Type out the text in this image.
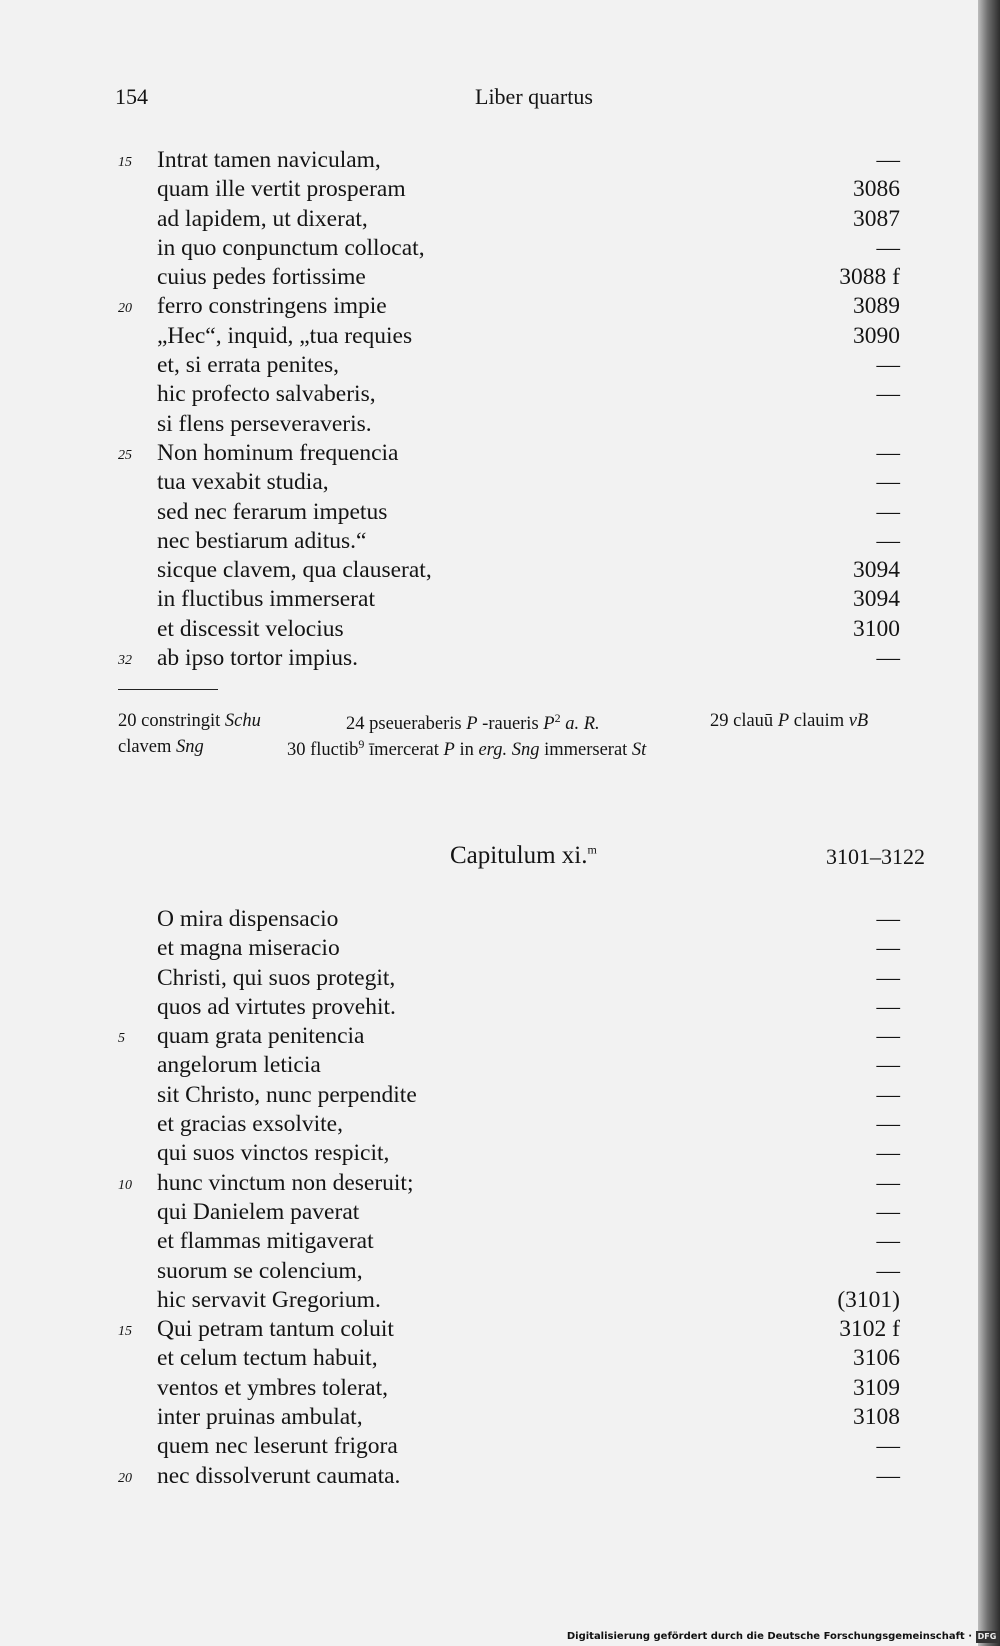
154	Liber quartus
15	Intrat tamen naviculam,	—
quam ille vertit prosperam	3086
ad lapidem, ut dixerat,	3087
in quo conpunctum collocat,	—
cuius pedes fortissime	3088 f
20	ferro constringens impie	3089
„Hec“, inquid, „tua requies	3090
et, si errata penites,	—
hic profecto salvaberis,	—
si flens perseveraveris.
25	Non hominum frequencia	—
tua vexabit studia,	—
sed nec ferarum impetus	—
nec bestiarum aditus.“	—
sicque clavem, qua clauserat,	3094
in fluctibus immerserat	3094
et discessit velocius	3100
32	ab ipso tortor impius.	—
20 constringit Schu	24 pseueraberis P -raueris $P^2$ a. R.	29 clauū P clauim vB
clavem Sng	30 fluctib$^9$ īmercerat P in erg. Sng immerserat St
Capitulum xi.$^m$	3101–3122
O mira dispensacio	—
et magna miseracio	—
Christi, qui suos protegit,	—
quos ad virtutes provehit.	—
5	quam grata penitencia	—
angelorum leticia	—
sit Christo, nunc perpendite	—
et gracias exsolvite,	—
qui suos vinctos respicit,	—
10	hunc vinctum non deseruit;	—
qui Danielem paverat	—
et flammas mitigaverat	—
suorum se colencium,	—
hic servavit Gregorium.	(3101)
15	Qui petram tantum coluit	3102 f
et celum tectum habuit,	3106
ventos et ymbres tolerat,	3109
inter pruinas ambulat,	3108
quem nec leserunt frigora	—
20	nec dissolverunt caumata.	—
Digitalisierung gefördert durch die Deutsche Forschungsgemeinschaft · DFG
